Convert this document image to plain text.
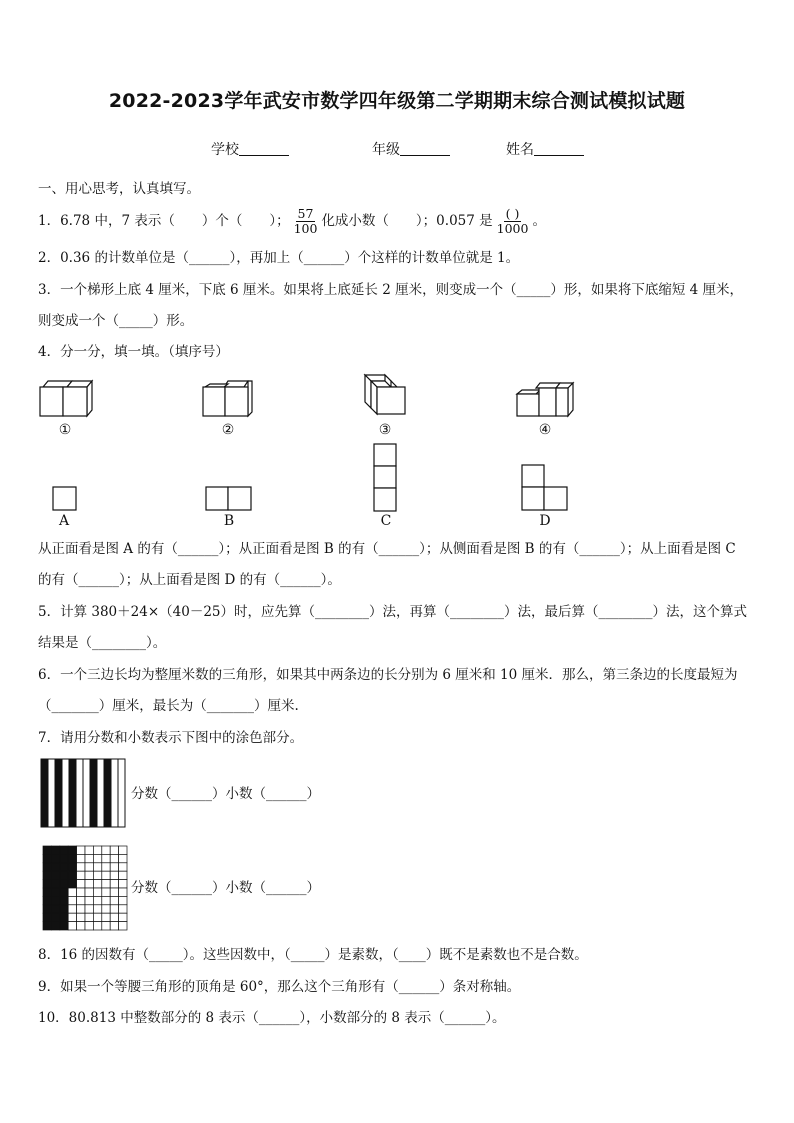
2022-2023学年武安市数学四年级第二学期期末综合测试模拟试题
学校	年级	姓名
一、用心思考，认真填写。
1．6.78 中，7 表示（　　）个（　　）； $\frac{57}{100}$ 化成小数（　　）；0.057 是 $\frac{( )}{1000}$ 。
2．0.36 的计数单位是（______），再加上（______）个这样的计数单位就是 1。
3．一个梯形上底 4 厘米，下底 6 厘米。如果将上底延长 2 厘米，则变成一个（_____）形，如果将下底缩短 4 厘米，
则变成一个（_____）形。
4．分一分，填一填。（填序号）
①	②	③	④
A	B	C	D
从正面看是图 A 的有（______）；从正面看是图 B 的有（______）；从侧面看是图 B 的有（______）；从上面看是图 C
的有（______）；从上面看是图 D 的有（______）。
5．计算 380＋24×（40－25）时，应先算（________）法，再算（________）法，最后算（________）法，这个算式
结果是（________）。
6．一个三边长均为整厘米数的三角形，如果其中两条边的长分别为 6 厘米和 10 厘米．那么，第三条边的长度最短为
（_______）厘米，最长为（_______）厘米.
7．请用分数和小数表示下图中的涂色部分。
分数（______）小数（______）
分数（______）小数（______）
8．16 的因数有（_____）。这些因数中，（_____）是素数，（____）既不是素数也不是合数。
9．如果一个等腰三角形的顶角是 60°，那么这个三角形有（______）条对称轴。
10．80.813 中整数部分的 8 表示（______），小数部分的 8 表示（______）。
